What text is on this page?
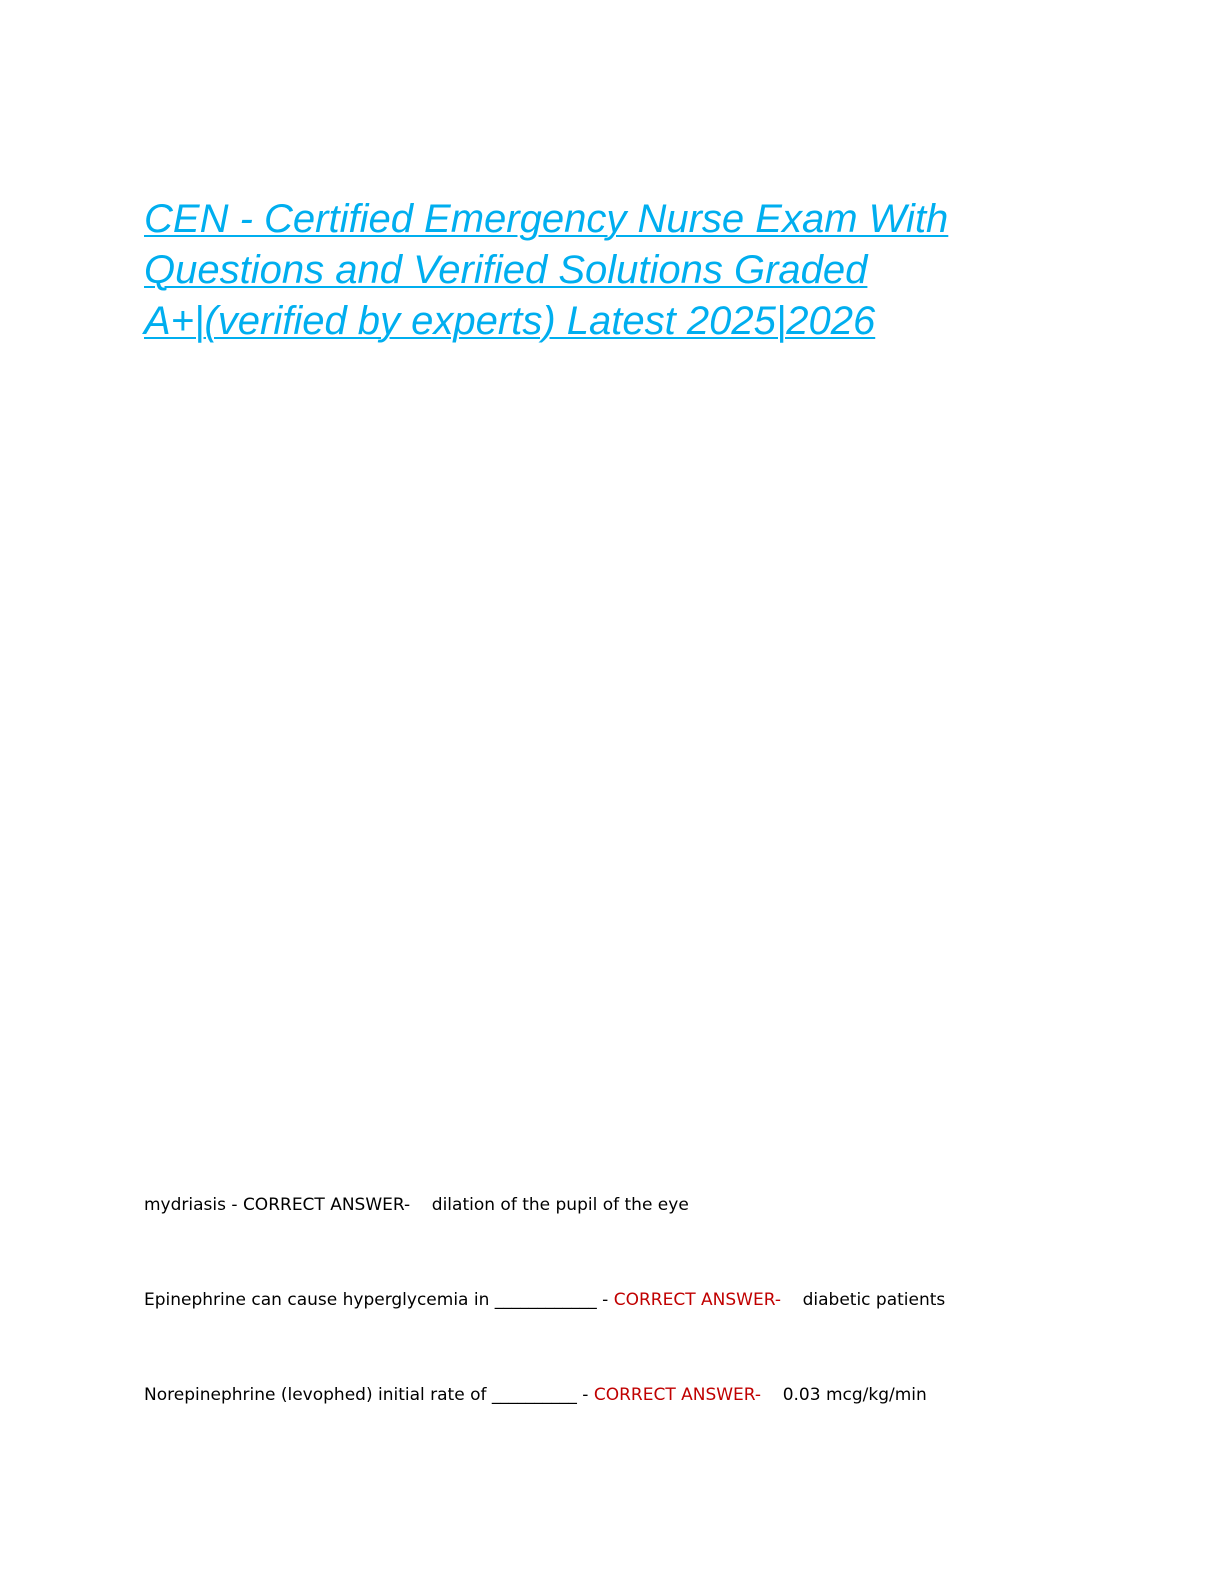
CEN - Certified Emergency Nurse Exam With
Questions and Verified Solutions Graded
A+|(verified by experts) Latest 2025|2026

mydriasis - CORRECT ANSWER- dilation of the pupil of the eye

Epinephrine can cause hyperglycemia in ____________ - CORRECT ANSWER- diabetic patients

Norepinephrine (levophed) initial rate of __________ - CORRECT ANSWER- 0.03 mcg/kg/min
